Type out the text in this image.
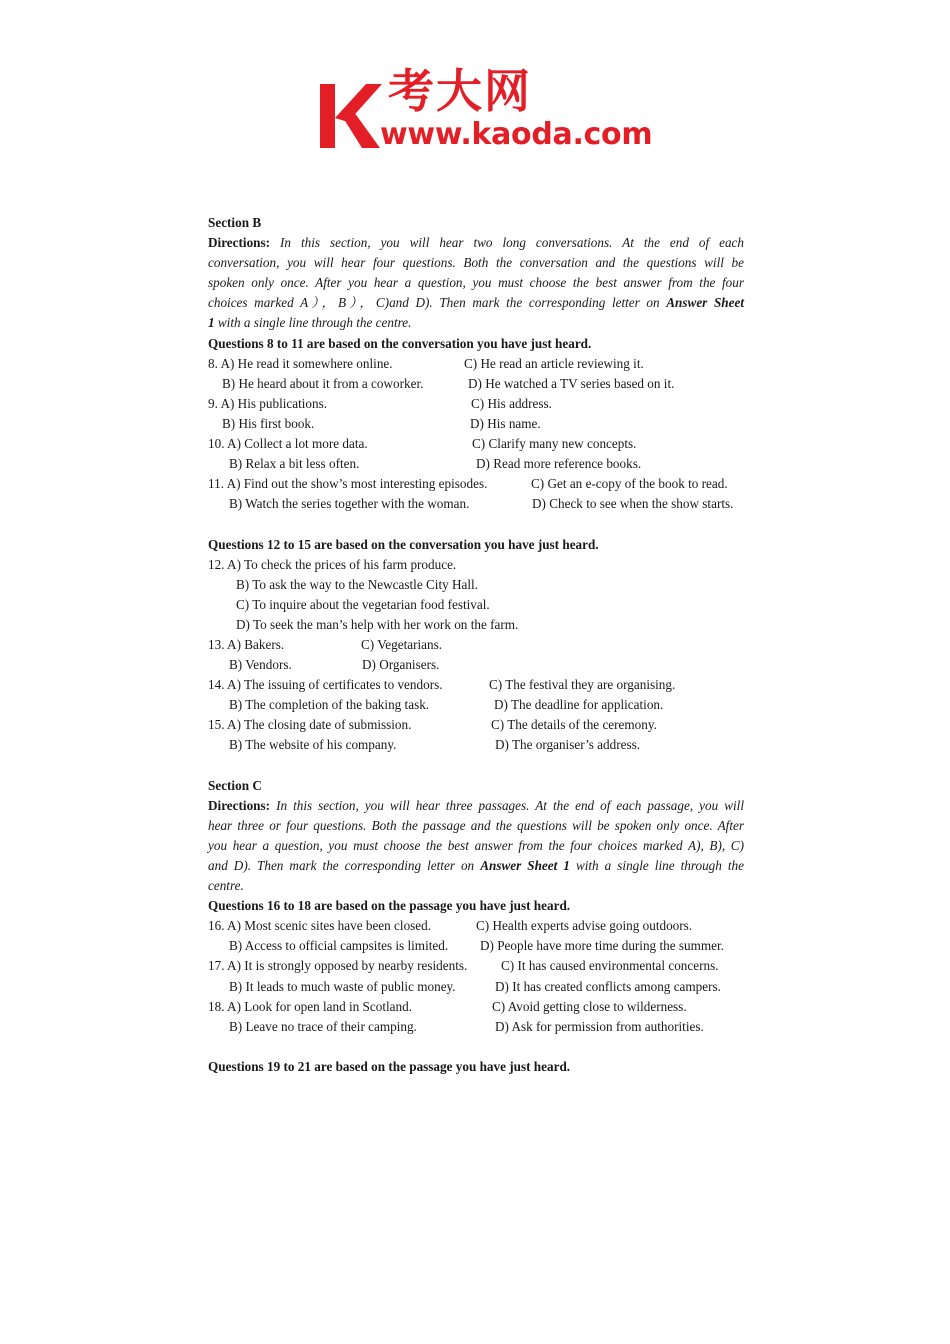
考大网
www.kaoda.com
Section B
Directions: In this section, you will hear two long conversations. At the end of each
conversation, you will hear four questions. Both the conversation and the questions will be
spoken only once. After you hear a question, you must choose the best answer from the four
choices marked A），B），C)and D). Then mark the corresponding letter on Answer Sheet
1 with a single line through the centre.
Questions 8 to 11 are based on the conversation you have just heard.
8. A) He read it somewhere online.	C) He read an article reviewing it.
B) He heard about it from a coworker.	D) He watched a TV series based on it.
9. A) His publications.	C) His address.
B) His first book.	D) His name.
10. A) Collect a lot more data.	C) Clarify many new concepts.
B) Relax a bit less often.	D) Read more reference books.
11. A) Find out the show’s most interesting episodes.	C) Get an e-copy of the book to read.
B) Watch the series together with the woman.	D) Check to see when the show starts.
Questions 12 to 15 are based on the conversation you have just heard.
12. A) To check the prices of his farm produce.
B) To ask the way to the Newcastle City Hall.
C) To inquire about the vegetarian food festival.
D) To seek the man’s help with her work on the farm.
13. A) Bakers.	C) Vegetarians.
B) Vendors.	D) Organisers.
14. A) The issuing of certificates to vendors.	C) The festival they are organising.
B) The completion of the baking task.	D) The deadline for application.
15. A) The closing date of submission.	C) The details of the ceremony.
B) The website of his company.	D) The organiser’s address.
Section C
Directions: In this section, you will hear three passages. At the end of each passage, you will
hear three or four questions. Both the passage and the questions will be spoken only once. After
you hear a question, you must choose the best answer from the four choices marked A), B), C)
and D). Then mark the corresponding letter on Answer Sheet 1 with a single line through the
centre.
Questions 16 to 18 are based on the passage you have just heard.
16. A) Most scenic sites have been closed.	C) Health experts advise going outdoors.
B) Access to official campsites is limited. D) People have more time during the summer.
17. A) It is strongly opposed by nearby residents.	C) It has caused environmental concerns.
B) It leads to much waste of public money.	D) It has created conflicts among campers.
18. A) Look for open land in Scotland.	C) Avoid getting close to wilderness.
B) Leave no trace of their camping.	D) Ask for permission from authorities.
Questions 19 to 21 are based on the passage you have just heard.
